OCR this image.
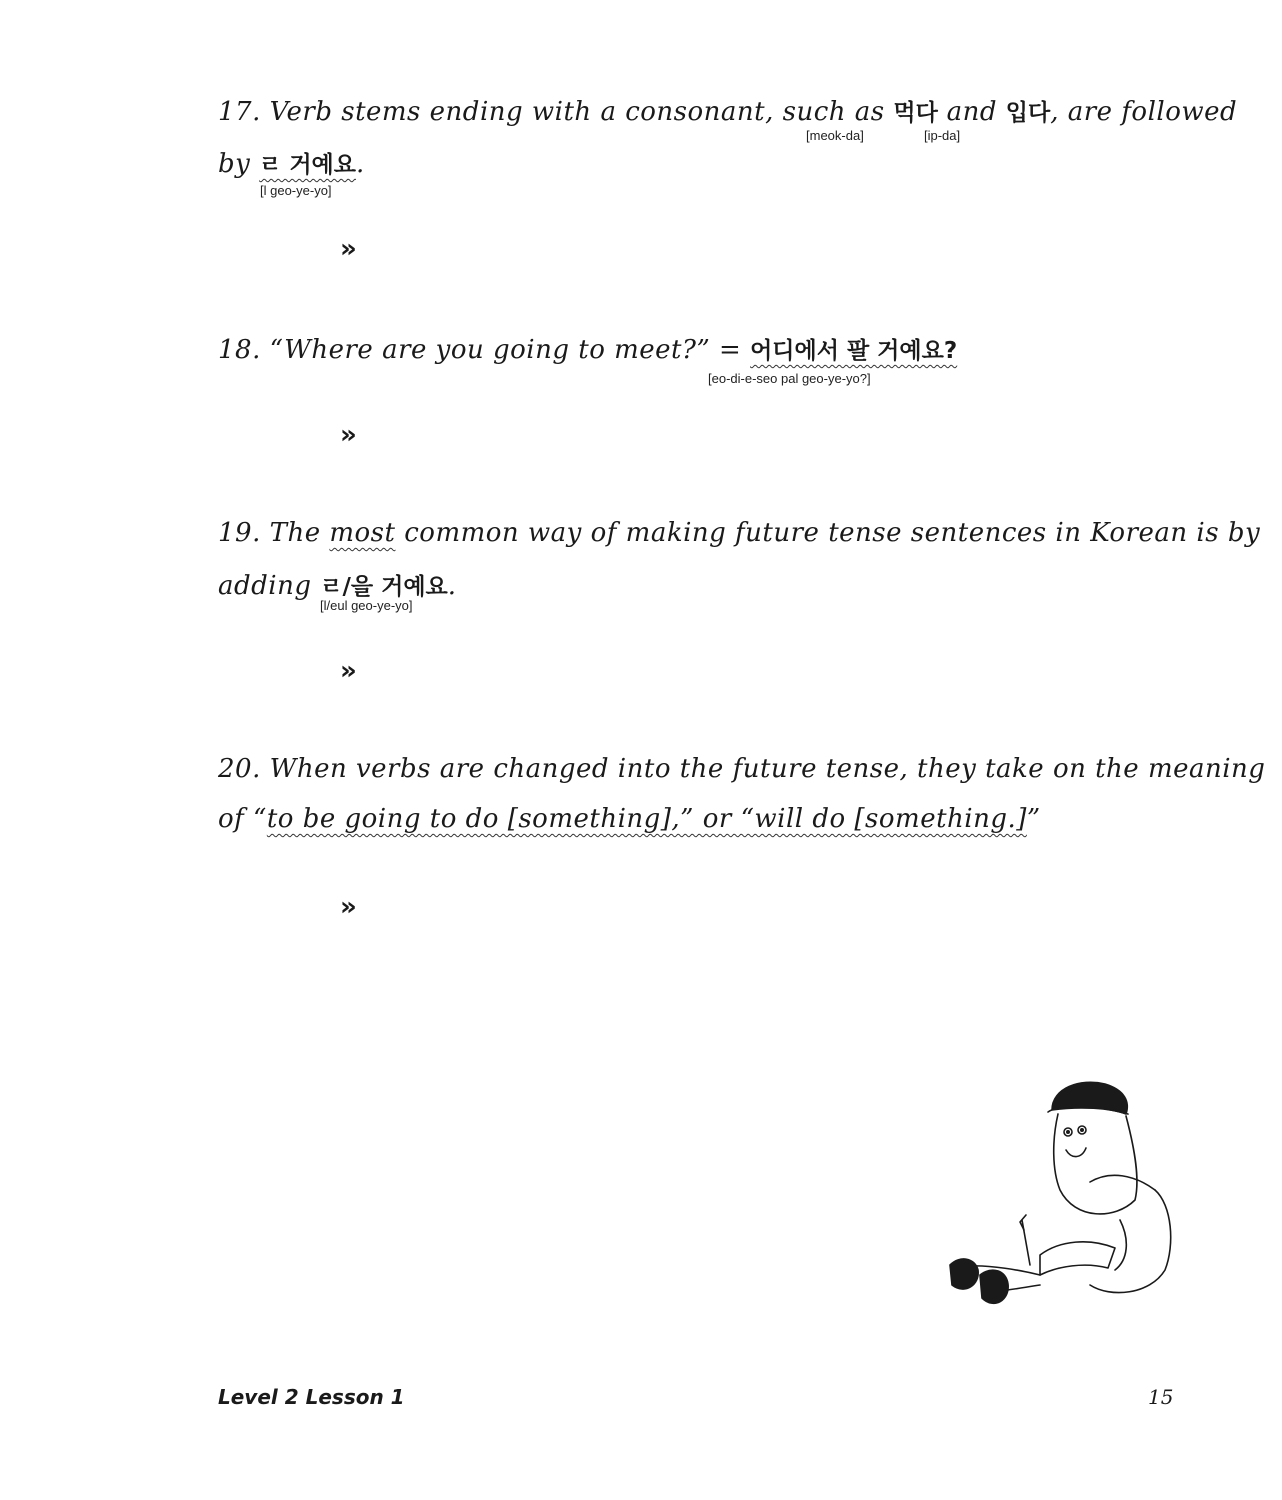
17. Verb stems ending with a consonant, such as 먹다 and 입다, are followed
[meok-da]	[ip-da]
by ㄹ 거예요.
[l geo-ye-yo]
»
18. “Where are you going to meet?” = 어디에서 팔 거예요?
[eo-di-e-seo pal geo-ye-yo?]
»
19. The most common way of making future tense sentences in Korean is by
adding ㄹ/을 거예요.
[l/eul geo-ye-yo]
»
20. When verbs are changed into the future tense, they take on the meaning
of “to be going to do [something],” or “will do [something.]”
»
Level 2 Lesson 1	15
